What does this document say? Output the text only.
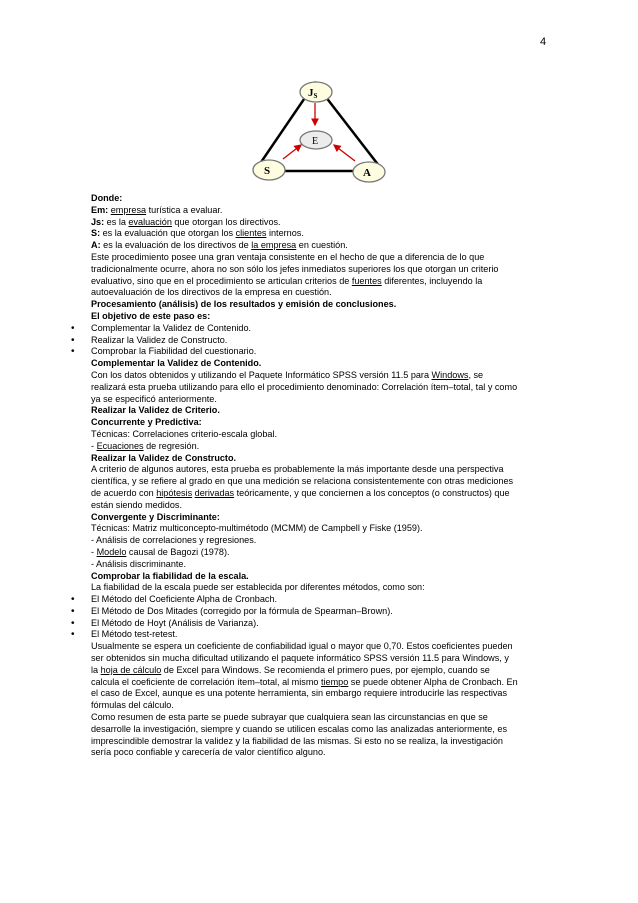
4
JS
E
S	A
Donde:
Em: empresa turística a evaluar.
Js: es la evaluación que otorgan los directivos.
S: es la evaluación que otorgan los clientes internos.
A: es la evaluación de los directivos de la empresa en cuestión.
Este procedimiento posee una gran ventaja consistente en el hecho de que a diferencia de lo que
tradicionalmente ocurre, ahora no son sólo los jefes inmediatos superiores los que otorgan un criterio
evaluativo, sino que en el procedimiento se articulan criterios de fuentes diferentes, incluyendo la
autoevaluación de los directivos de la empresa en cuestión.
Procesamiento (análisis) de los resultados y emisión de conclusiones.
El objetivo de este paso es:
• Complementar la Validez de Contenido.
• Realizar la Validez de Constructo.
• Comprobar la Fiabilidad del cuestionario.
Complementar la Validez de Contenido.
Con los datos obtenidos y utilizando el Paquete Informático SPSS versión 11.5 para Windows, se
realizará esta prueba utilizando para ello el procedimiento denominado: Correlación ítem–total, tal y como
ya se especificó anteriormente.
Realizar la Validez de Criterio.
Concurrente y Predictiva:
Técnicas: Correlaciones criterio-escala global.
- Ecuaciones de regresión.
Realizar la Validez de Constructo.
A criterio de algunos autores, esta prueba es probablemente la más importante desde una perspectiva
científica, y se refiere al grado en que una medición se relaciona consistentemente con otras mediciones
de acuerdo con hipótesis derivadas teóricamente, y que conciernen a los conceptos (o constructos) que
están siendo medidos.
Convergente y Discriminante:
Técnicas: Matriz multiconcepto-multimétodo (MCMM) de Campbell y Fiske (1959).
- Análisis de correlaciones y regresiones.
- Modelo causal de Bagozi (1978).
- Análisis discriminante.
Comprobar la fiabilidad de la escala.
La fiabilidad de la escala puede ser establecida por diferentes métodos, como son:
• El Método del Coeficiente Alpha de Cronbach.
• El Método de Dos Mitades (corregido por la fórmula de Spearman–Brown).
• El Método de Hoyt (Análisis de Varianza).
• El Método test-retest.
Usualmente se espera un coeficiente de confiabilidad igual o mayor que 0,70. Estos coeficientes pueden
ser obtenidos sin mucha dificultad utilizando el paquete informático SPSS versión 11.5 para Windows, y
la hoja de cálculo de Excel para Windows. Se recomienda el primero pues, por ejemplo, cuando se
calcula el coeficiente de correlación ítem–total, al mismo tiempo se puede obtener Alpha de Cronbach. En
el caso de Excel, aunque es una potente herramienta, sin embargo requiere introducirle las respectivas
fórmulas del cálculo.
Como resumen de esta parte se puede subrayar que cualquiera sean las circunstancias en que se
desarrolle la investigación, siempre y cuando se utilicen escalas como las analizadas anteriormente, es
imprescindible demostrar la validez y la fiabilidad de las mismas. Si esto no se realiza, la investigación
sería poco confiable y carecería de valor científico alguno.
